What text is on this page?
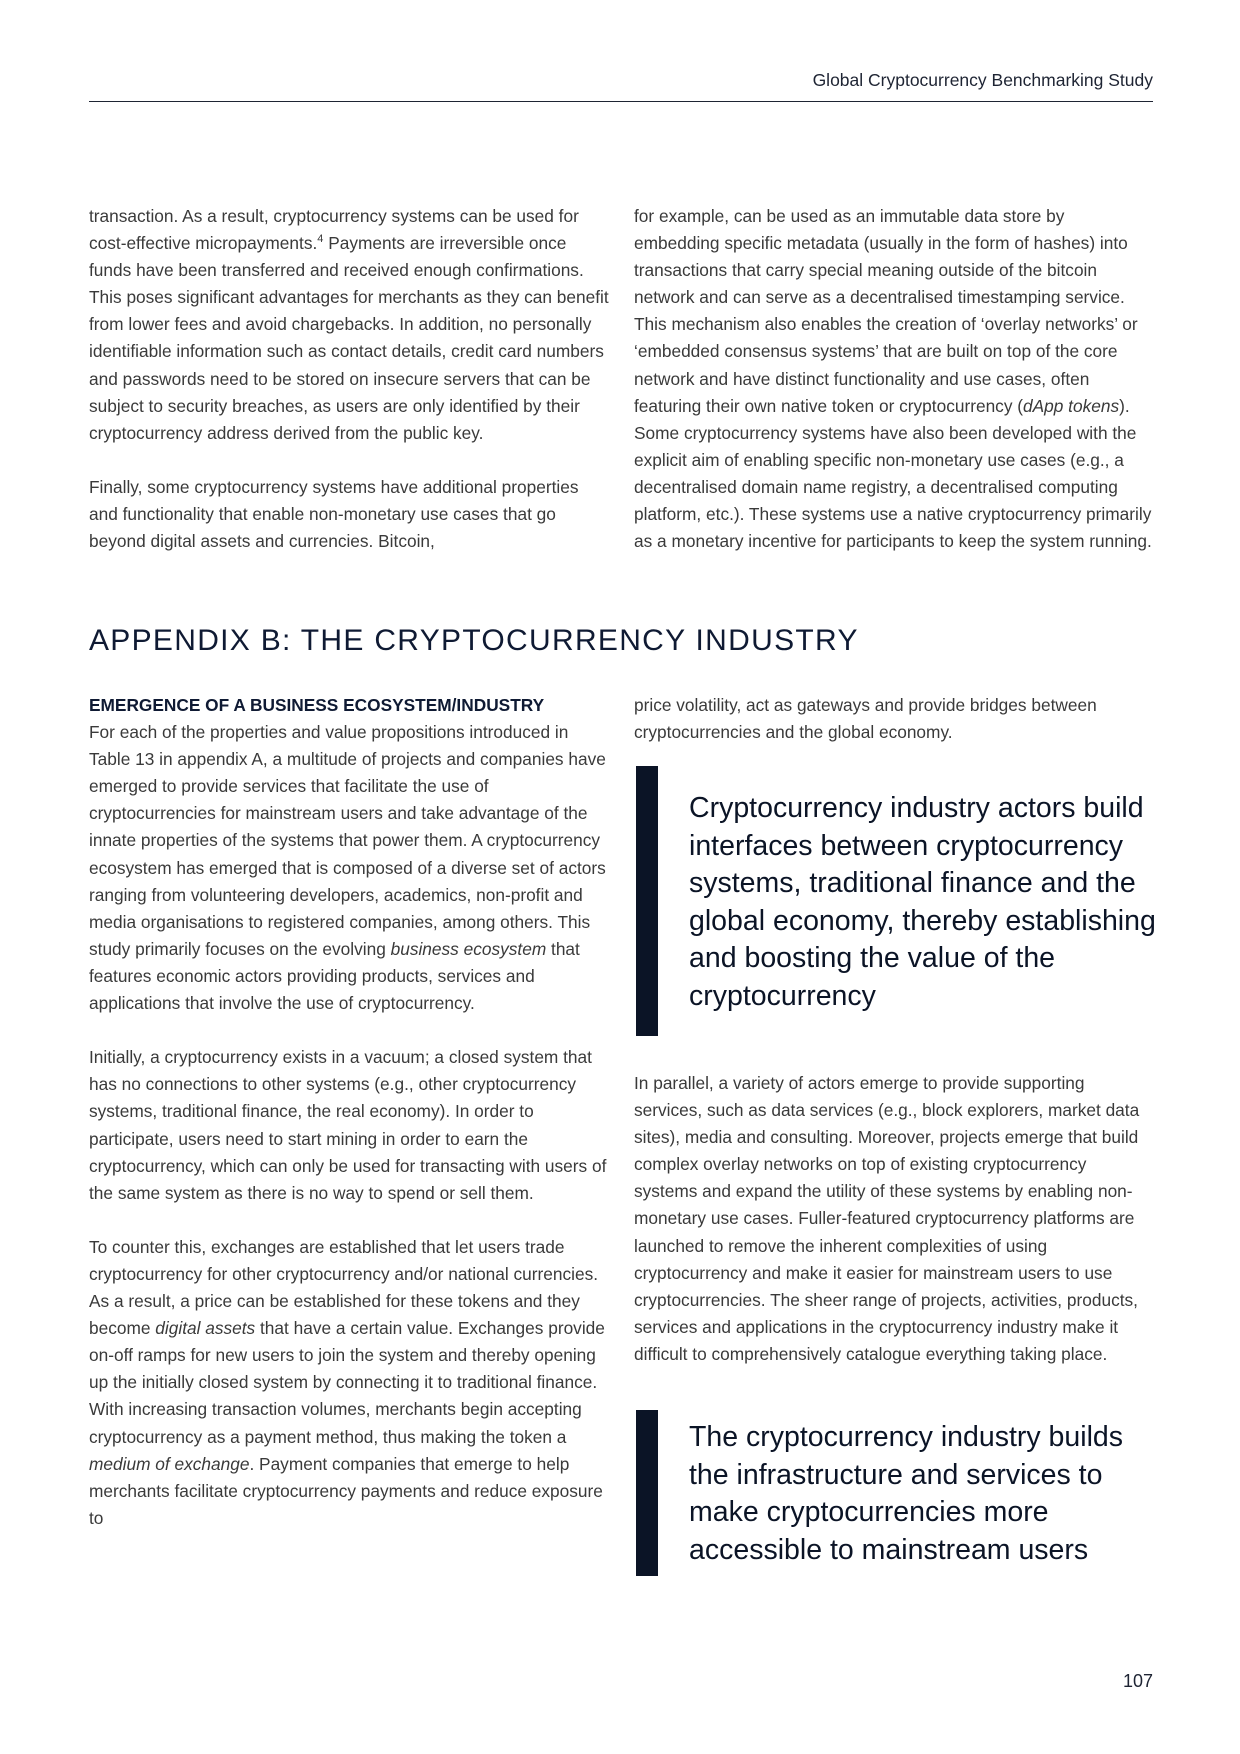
Global Cryptocurrency Benchmarking Study

transaction. As a result, cryptocurrency systems can be used for cost-effective micropayments.$^4$ Payments are irreversible once funds have been transferred and received enough confirmations. This poses significant advantages for merchants as they can benefit from lower fees and avoid chargebacks. In addition, no personally identifiable information such as contact details, credit card numbers and passwords need to be stored on insecure servers that can be subject to security breaches, as users are only identified by their cryptocurrency address derived from the public key.

Finally, some cryptocurrency systems have additional properties and functionality that enable non-monetary use cases that go beyond digital assets and currencies. Bitcoin,

for example, can be used as an immutable data store by embedding specific metadata (usually in the form of hashes) into transactions that carry special meaning outside of the bitcoin network and can serve as a decentralised timestamping service. This mechanism also enables the creation of ‘overlay networks’ or ‘embedded consensus systems’ that are built on top of the core network and have distinct functionality and use cases, often featuring their own native token or cryptocurrency (dApp tokens). Some cryptocurrency systems have also been developed with the explicit aim of enabling specific non-monetary use cases (e.g., a decentralised domain name registry, a decentralised computing platform, etc.). These systems use a native cryptocurrency primarily as a monetary incentive for participants to keep the system running.

APPENDIX B: THE CRYPTOCURRENCY INDUSTRY
EMERGENCE OF A BUSINESS ECOSYSTEM/INDUSTRY

For each of the properties and value propositions introduced in Table 13 in appendix A, a multitude of projects and companies have emerged to provide services that facilitate the use of cryptocurrencies for mainstream users and take advantage of the innate properties of the systems that power them. A cryptocurrency ecosystem has emerged that is composed of a diverse set of actors ranging from volunteering developers, academics, non-profit and media organisations to registered companies, among others. This study primarily focuses on the evolving business ecosystem that features economic actors providing products, services and applications that involve the use of cryptocurrency.

Initially, a cryptocurrency exists in a vacuum; a closed system that has no connections to other systems (e.g., other cryptocurrency systems, traditional finance, the real economy). In order to participate, users need to start mining in order to earn the cryptocurrency, which can only be used for transacting with users of the same system as there is no way to spend or sell them.

To counter this, exchanges are established that let users trade cryptocurrency for other cryptocurrency and/or national currencies. As a result, a price can be established for these tokens and they become digital assets that have a certain value. Exchanges provide on-off ramps for new users to join the system and thereby opening up the initially closed system by connecting it to traditional finance. With increasing transaction volumes, merchants begin accepting cryptocurrency as a payment method, thus making the token a medium of exchange. Payment companies that emerge to help merchants facilitate cryptocurrency payments and reduce exposure to

price volatility, act as gateways and provide bridges between cryptocurrencies and the global economy.

Cryptocurrency industry actors build interfaces between cryptocurrency systems, traditional finance and the global economy, thereby establishing and boosting the value of the cryptocurrency

In parallel, a variety of actors emerge to provide supporting services, such as data services (e.g., block explorers, market data sites), media and consulting. Moreover, projects emerge that build complex overlay networks on top of existing cryptocurrency systems and expand the utility of these systems by enabling non-monetary use cases. Fuller-featured cryptocurrency platforms are launched to remove the inherent complexities of using cryptocurrency and make it easier for mainstream users to use cryptocurrencies. The sheer range of projects, activities, products, services and applications in the cryptocurrency industry make it difficult to comprehensively catalogue everything taking place.

The cryptocurrency industry builds the infrastructure and services to make cryptocurrencies more accessible to mainstream users

107
